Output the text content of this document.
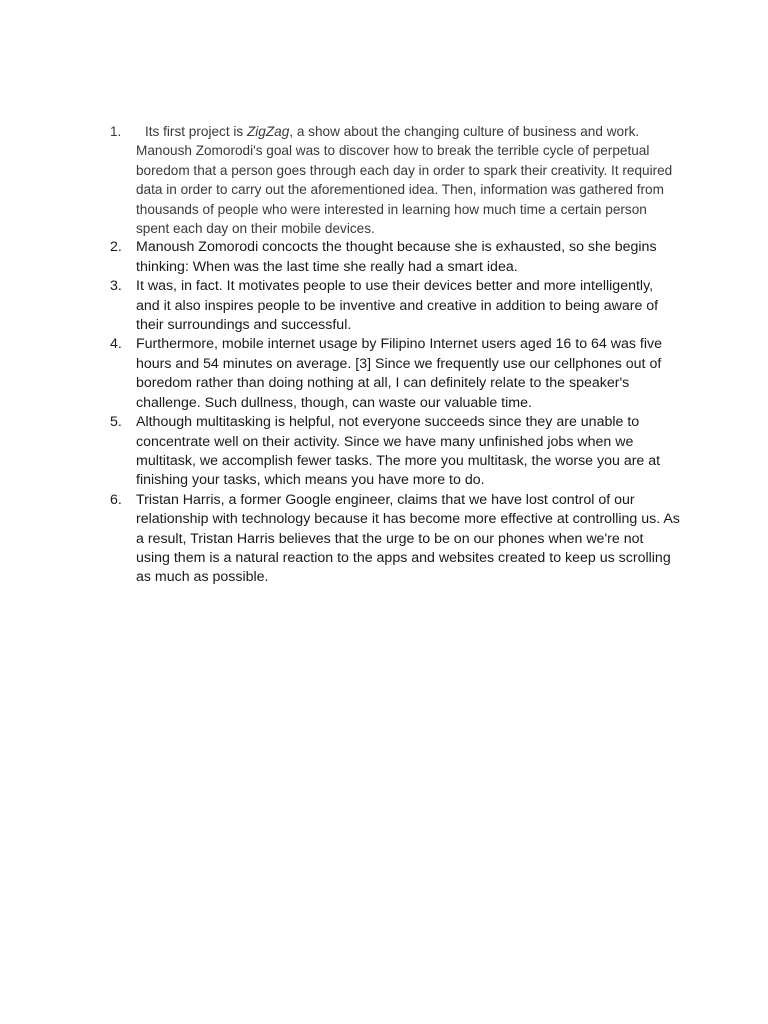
1.	Its first project is ZigZag, a show about the changing culture of business and work. Manoush Zomorodi's goal was to discover how to break the terrible cycle of perpetual boredom that a person goes through each day in order to spark their creativity. It required data in order to carry out the aforementioned idea. Then, information was gathered from thousands of people who were interested in learning how much time a certain person spent each day on their mobile devices.
2. Manoush Zomorodi concocts the thought because she is exhausted, so she begins thinking: When was the last time she really had a smart idea.
3. It was, in fact. It motivates people to use their devices better and more intelligently, and it also inspires people to be inventive and creative in addition to being aware of their surroundings and successful.
4. Furthermore, mobile internet usage by Filipino Internet users aged 16 to 64 was five hours and 54 minutes on average. [3] Since we frequently use our cellphones out of boredom rather than doing nothing at all, I can definitely relate to the speaker's challenge. Such dullness, though, can waste our valuable time.
5. Although multitasking is helpful, not everyone succeeds since they are unable to concentrate well on their activity. Since we have many unfinished jobs when we multitask, we accomplish fewer tasks. The more you multitask, the worse you are at finishing your tasks, which means you have more to do.
6. Tristan Harris, a former Google engineer, claims that we have lost control of our relationship with technology because it has become more effective at controlling us. As a result, Tristan Harris believes that the urge to be on our phones when we're not using them is a natural reaction to the apps and websites created to keep us scrolling as much as possible.
